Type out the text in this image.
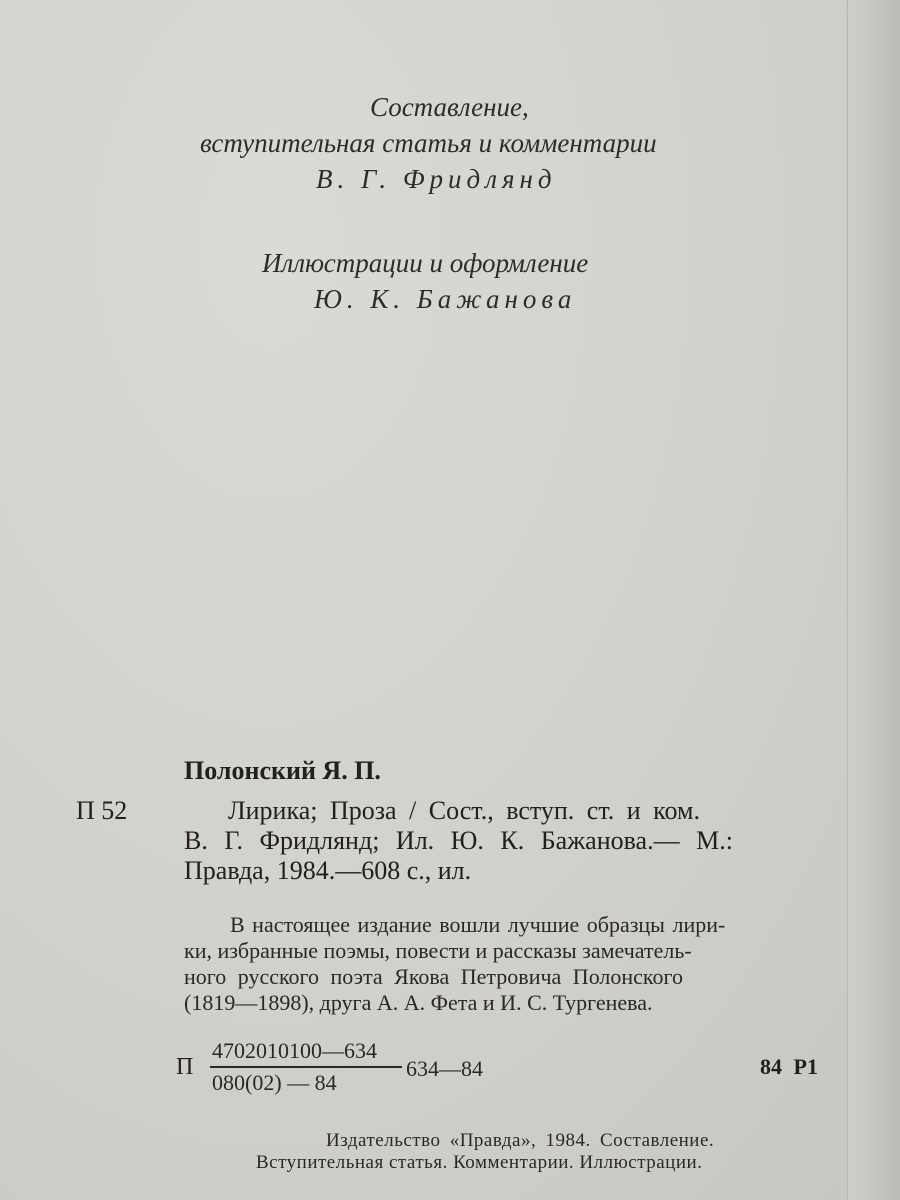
Составление,
вступительная статья и комментарии
В. Г. Фридлянд
Иллюстрации и оформление
Ю. К. Бажанова
Полонский Я. П.
П 52	Лирика; Проза / Сост., вступ. ст. и ком.
В. Г. Фридлянд; Ил. Ю. К. Бажанова.— М.:
Правда, 1984.—608 с., ил.
В настоящее издание вошли лучшие образцы лири-
ки, избранные поэмы, повести и рассказы замечатель-
ного русского поэта Якова Петровича Полонского
(1819—1898), друга А. А. Фета и И. С. Тургенева.
П
4702010100—634
080(02) — 84
634—84	84 Р1
Издательство «Правда», 1984. Составление.
Вступительная статья. Комментарии. Иллюстрации.
